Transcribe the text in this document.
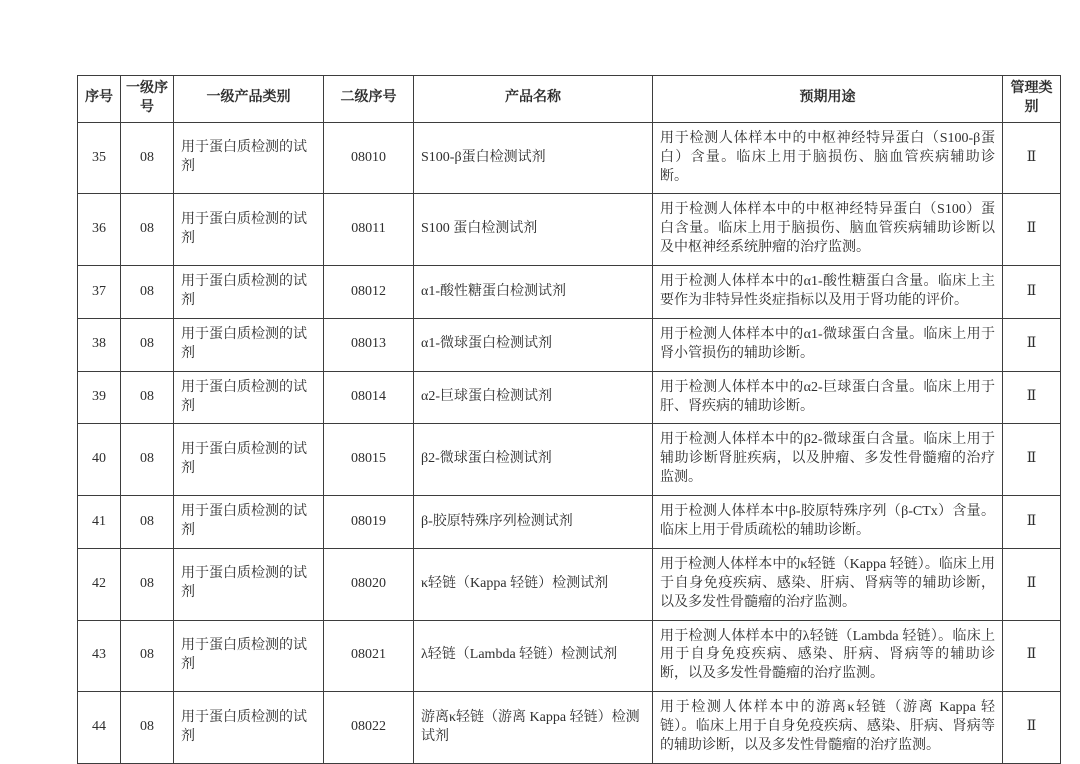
序号	一级序号	一级产品类别	二级序号	产品名称	预期用途	管理类别
35	08	用于蛋白质检测的试剂	08010	S100-β蛋白检测试剂	用于检测人体样本中的中枢神经特异蛋白（S100-β蛋白）含量。临床上用于脑损伤、脑血管疾病辅助诊断。	Ⅱ
36	08	用于蛋白质检测的试剂	08011	S100 蛋白检测试剂	用于检测人体样本中的中枢神经特异蛋白（S100）蛋白含量。临床上用于脑损伤、脑血管疾病辅助诊断以及中枢神经系统肿瘤的治疗监测。	Ⅱ
37	08	用于蛋白质检测的试剂	08012	α1-酸性糖蛋白检测试剂	用于检测人体样本中的α1-酸性糖蛋白含量。临床上主要作为非特异性炎症指标以及用于肾功能的评价。	Ⅱ
38	08	用于蛋白质检测的试剂	08013	α1-微球蛋白检测试剂	用于检测人体样本中的α1-微球蛋白含量。临床上用于肾小管损伤的辅助诊断。	Ⅱ
39	08	用于蛋白质检测的试剂	08014	α2-巨球蛋白检测试剂	用于检测人体样本中的α2-巨球蛋白含量。临床上用于肝、肾疾病的辅助诊断。	Ⅱ
40	08	用于蛋白质检测的试剂	08015	β2-微球蛋白检测试剂	用于检测人体样本中的β2-微球蛋白含量。临床上用于辅助诊断肾脏疾病，以及肿瘤、多发性骨髓瘤的治疗监测。	Ⅱ
41	08	用于蛋白质检测的试剂	08019	β-胶原特殊序列检测试剂	用于检测人体样本中β-胶原特殊序列（β-CTx）含量。临床上用于骨质疏松的辅助诊断。	Ⅱ
42	08	用于蛋白质检测的试剂	08020	κ轻链（Kappa 轻链）检测试剂	用于检测人体样本中的κ轻链（Kappa 轻链）。临床上用于自身免疫疾病、感染、肝病、肾病等的辅助诊断，以及多发性骨髓瘤的治疗监测。	Ⅱ
43	08	用于蛋白质检测的试剂	08021	λ轻链（Lambda 轻链）检测试剂	用于检测人体样本中的λ轻链（Lambda 轻链）。临床上用于自身免疫疾病、感染、肝病、肾病等的辅助诊断，以及多发性骨髓瘤的治疗监测。	Ⅱ
44	08	用于蛋白质检测的试剂	08022	游离κ轻链（游离 Kappa 轻链）检测试剂	用于检测人体样本中的游离κ轻链（游离 Kappa 轻链）。临床上用于自身免疫疾病、感染、肝病、肾病等的辅助诊断，以及多发性骨髓瘤的治疗监测。	Ⅱ
